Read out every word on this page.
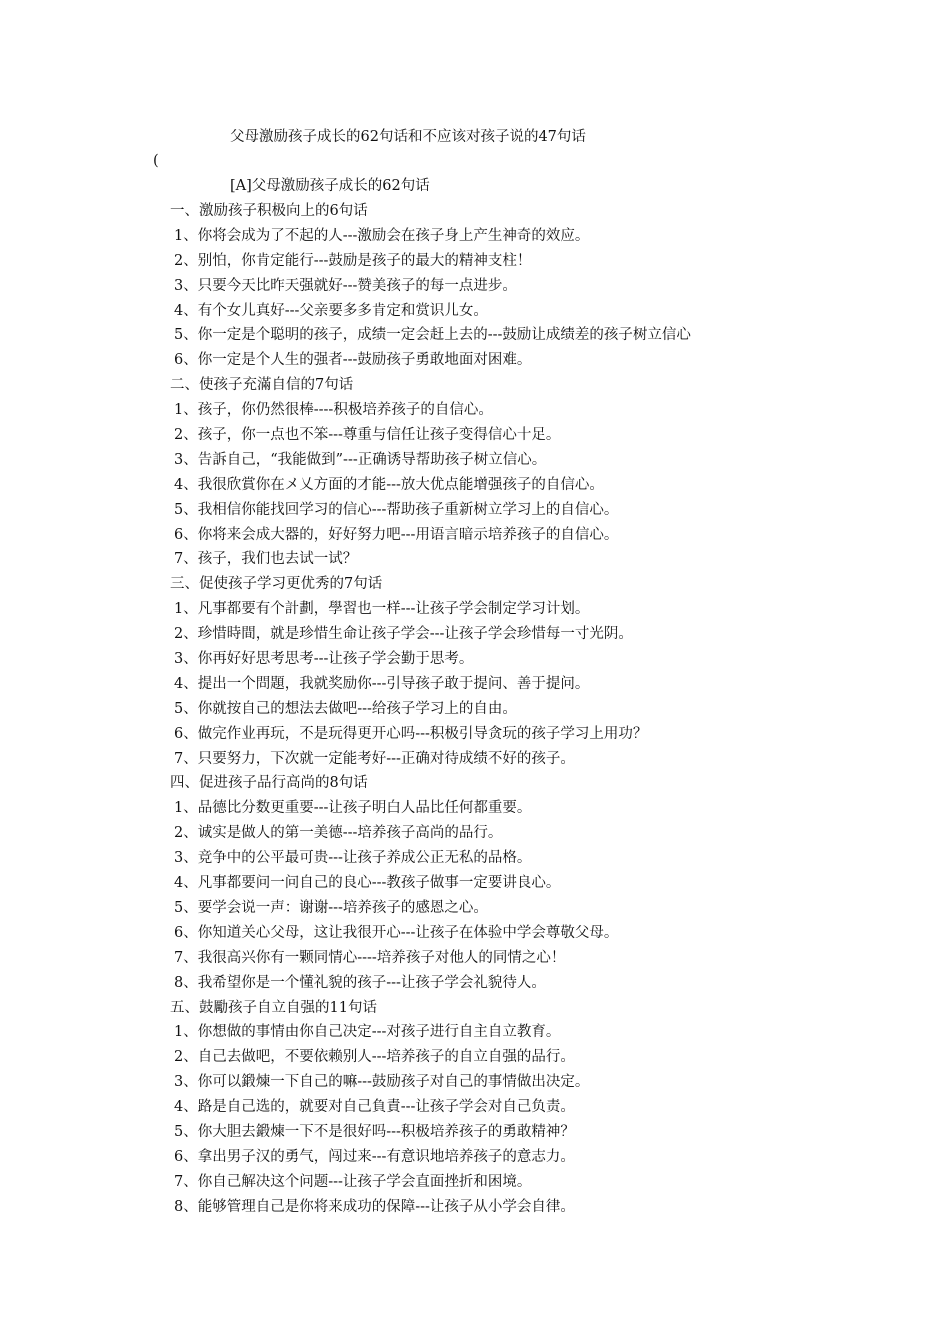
父母激励孩子成长的62句话和不应该对孩子说的47句话
(
[A]父母激励孩子成长的62句话
一、激励孩子积极向上的6句话
1、你将会成为了不起的人---激励会在孩子身上产生神奇的效应。
2、别怕，你肯定能行---鼓励是孩子的最大的精神支柱！
3、只要今天比昨天强就好---赞美孩子的每一点进步。
4、有个女儿真好---父亲要多多肯定和赏识儿女。
5、你一定是个聪明的孩子，成绩一定会赶上去的---鼓励让成绩差的孩子树立信心
6、你一定是个人生的强者---鼓励孩子勇敢地面对困难。
二、使孩子充滿自信的7句话
1、孩子，你仍然很棒----积极培养孩子的自信心。
2、孩子，你一点也不笨---尊重与信任让孩子变得信心十足。
3、告訴自己，“我能做到”---正确诱导帮助孩子树立信心。
4、我很欣賞你在メ乂方面的才能---放大优点能增强孩子的自信心。
5、我相信你能找回学习的信心---帮助孩子重新树立学习上的自信心。
6、你将来会成大器的，好好努力吧---用语言暗示培养孩子的自信心。
7、孩子，我们也去试一试？
三、促使孩子学习更优秀的7句话
1、凡事都要有个計劃，學習也一样---让孩子学会制定学习计划。
2、珍惜時間，就是珍惜生命让孩子学会---让孩子学会珍惜每一寸光阴。
3、你再好好思考思考---让孩子学会勤于思考。
4、提出一个問題，我就奖励你---引导孩子敢于提问、善于提问。
5、你就按自己的想法去做吧---给孩子学习上的自由。
6、做完作业再玩，不是玩得更开心吗---积极引导贪玩的孩子学习上用功？
7、只要努力，下次就一定能考好---正确对待成绩不好的孩子。
四、促进孩子品行高尚的8句话
1、品德比分数更重要---让孩子明白人品比任何都重要。
2、诚实是做人的第一美德---培养孩子高尚的品行。
3、竞争中的公平最可贵---让孩子养成公正无私的品格。
4、凡事都要问一问自己的良心---教孩子做事一定要讲良心。
5、要学会说一声：谢谢---培养孩子的感恩之心。
6、你知道关心父母，这让我很开心---让孩子在体验中学会尊敬父母。
7、我很高兴你有一颗同情心----培养孩子对他人的同情之心！
8、我希望你是一个懂礼貌的孩子---让孩子学会礼貌待人。
五、鼓勵孩子自立自强的11句话
1、你想做的事情由你自己决定---对孩子进行自主自立教育。
2、自己去做吧，不要依赖别人---培养孩子的自立自强的品行。
3、你可以鍛煉一下自己的嘛---鼓励孩子对自己的事情做出决定。
4、路是自己选的，就要对自己負責---让孩子学会对自己负责。
5、你大胆去鍛煉一下不是很好吗---积极培养孩子的勇敢精神？
6、拿出男子汉的勇气，闯过来---有意识地培养孩子的意志力。
7、你自己解决这个问题---让孩子学会直面挫折和困境。
8、能够管理自己是你将来成功的保障---让孩子从小学会自律。
